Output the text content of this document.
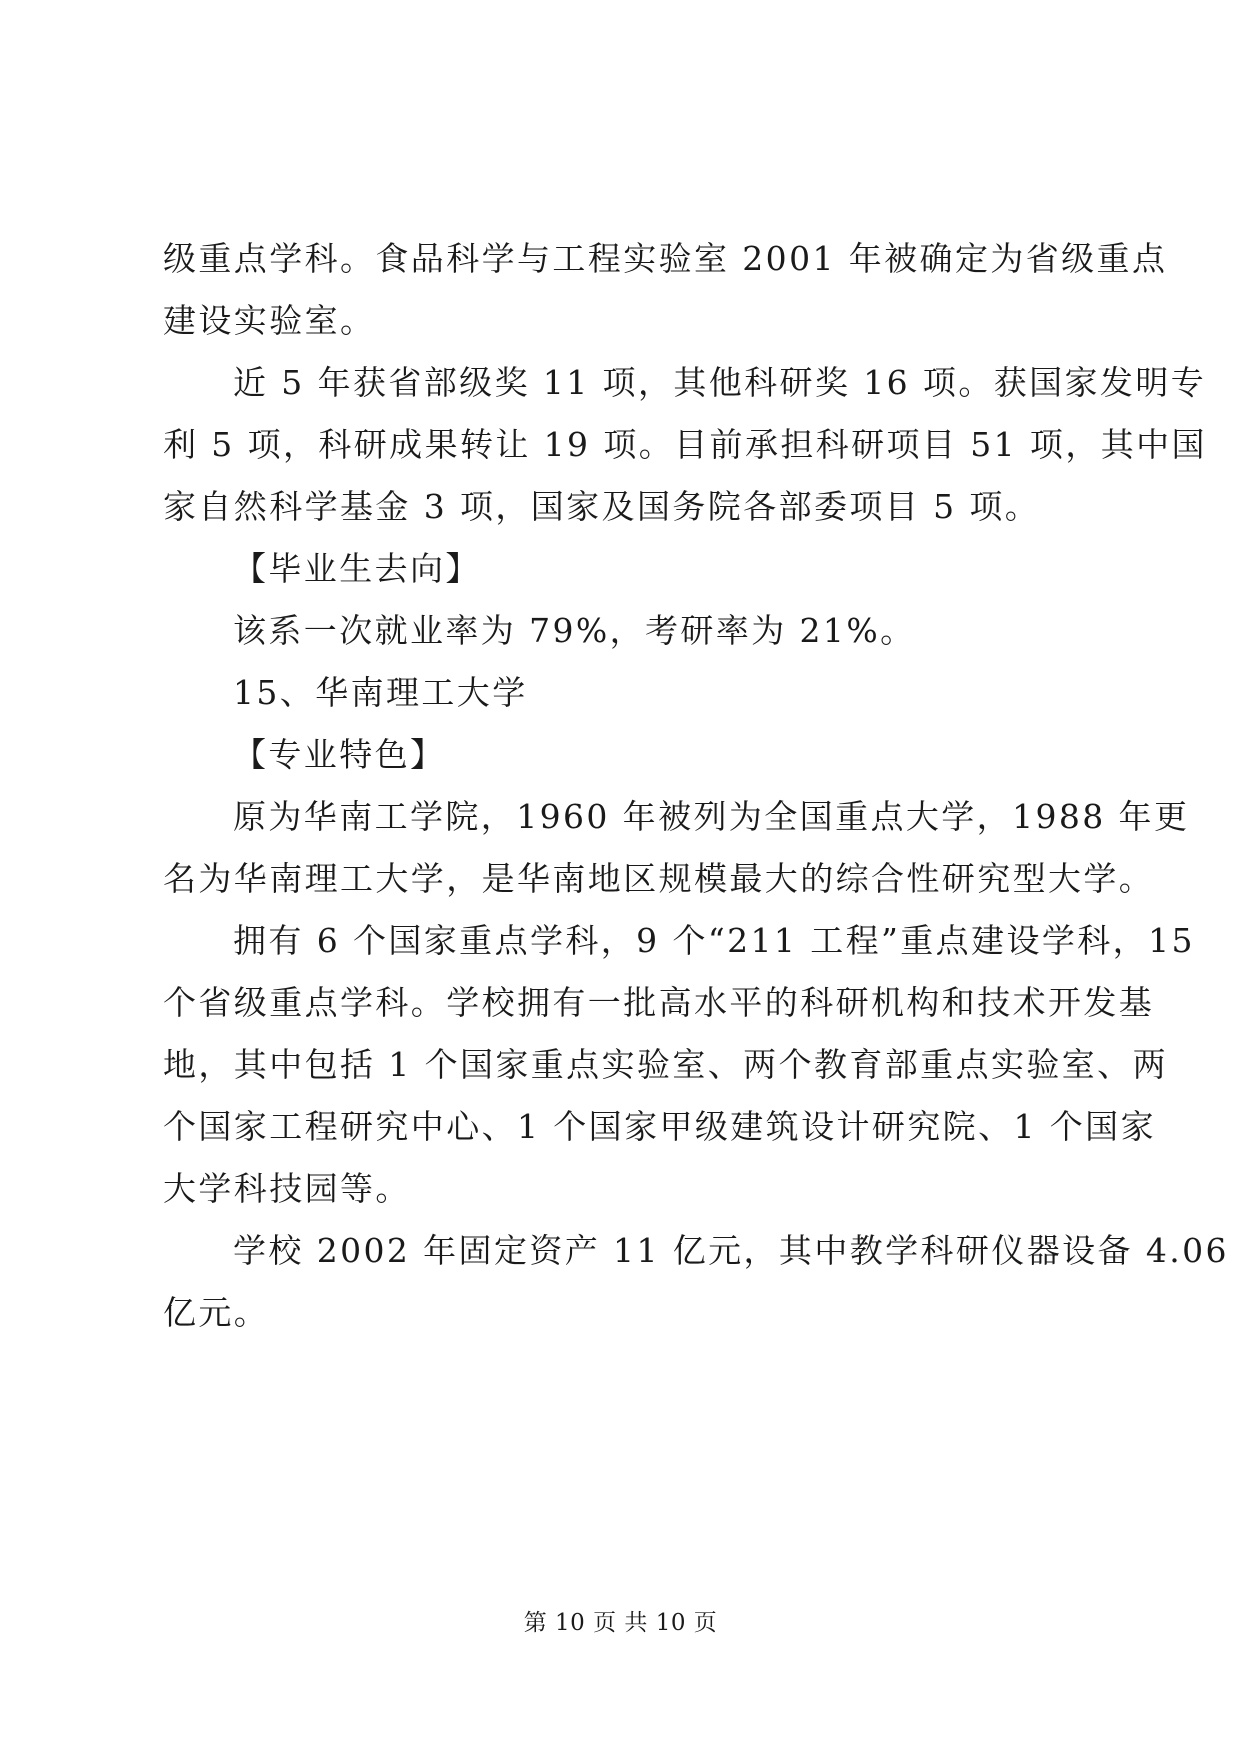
级重点学科。食品科学与工程实验室 2001 年被确定为省级重点
建设实验室。
近 5 年获省部级奖 11 项，其他科研奖 16 项。获国家发明专
利 5 项，科研成果转让 19 项。目前承担科研项目 51 项，其中国
家自然科学基金 3 项，国家及国务院各部委项目 5 项。
【毕业生去向】
该系一次就业率为 79%，考研率为 21%。
15、华南理工大学
【专业特色】
原为华南工学院，1960 年被列为全国重点大学，1988 年更
名为华南理工大学，是华南地区规模最大的综合性研究型大学。
拥有 6 个国家重点学科，9 个“211 工程”重点建设学科，15
个省级重点学科。学校拥有一批高水平的科研机构和技术开发基
地，其中包括 1 个国家重点实验室、两个教育部重点实验室、两
个国家工程研究中心、1 个国家甲级建筑设计研究院、1 个国家
大学科技园等。
学校 2002 年固定资产 11 亿元，其中教学科研仪器设备 4.06
亿元。
第 10 页 共 10 页
